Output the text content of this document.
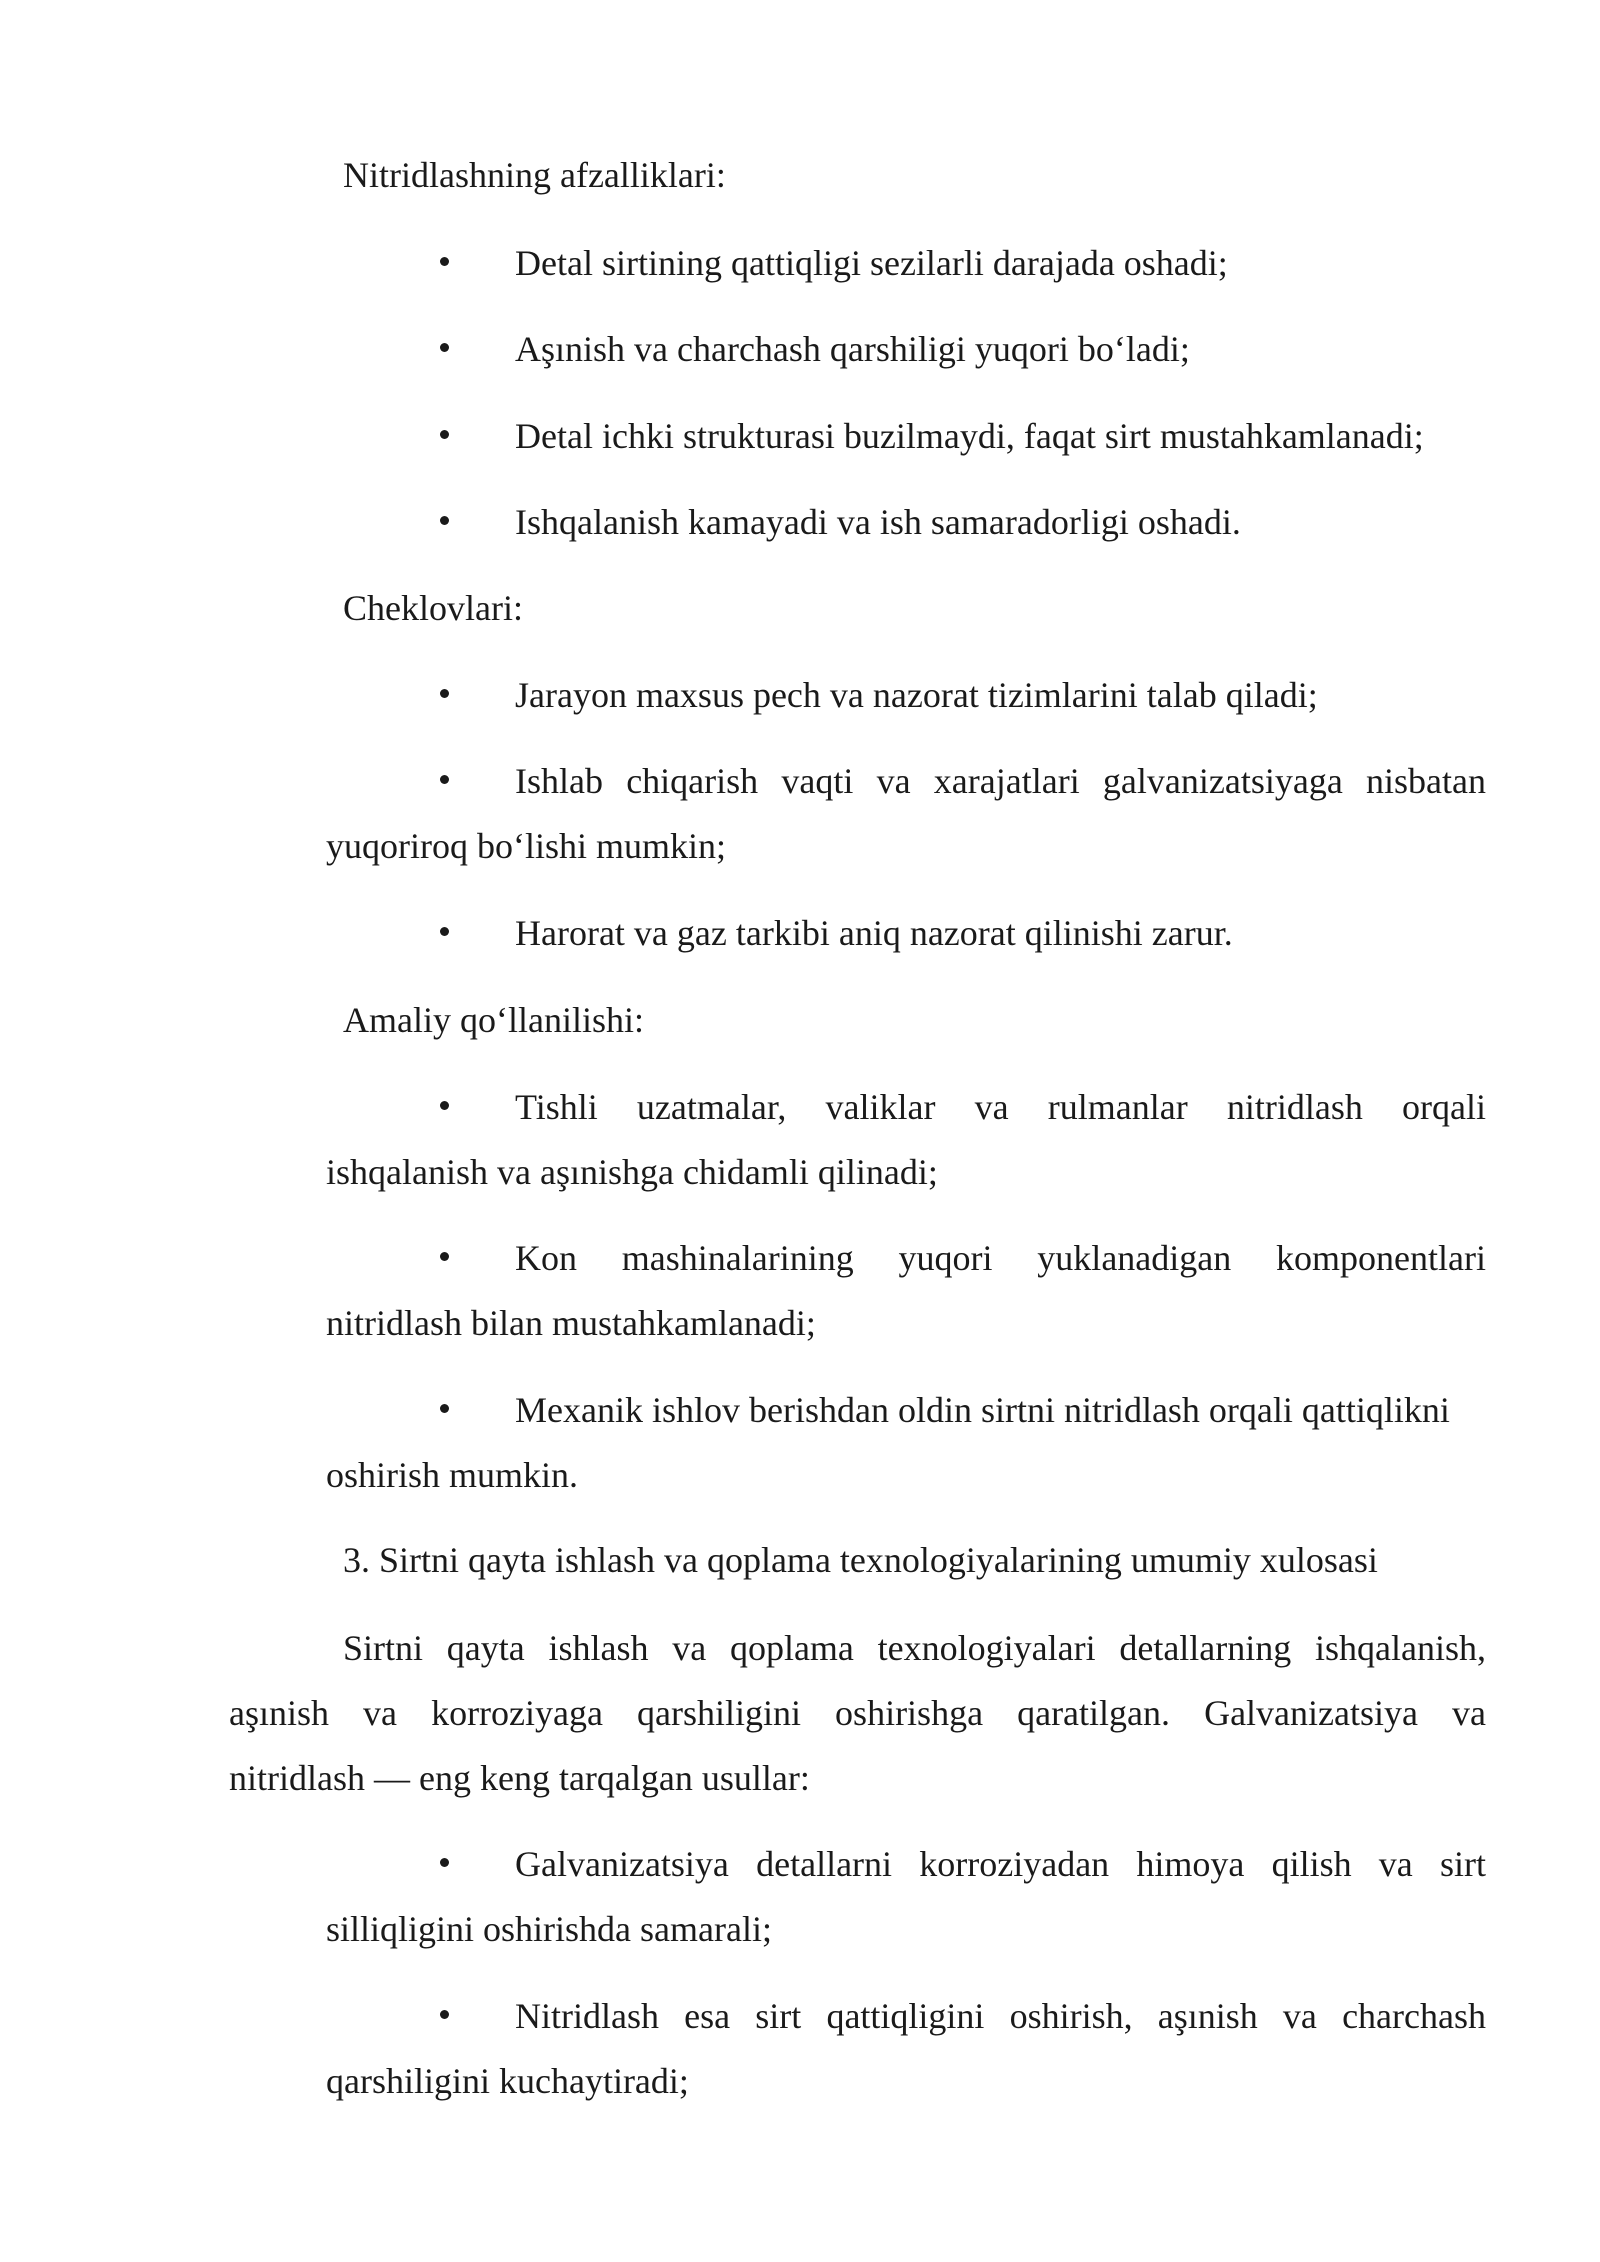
Nitridlashning afzalliklari:
Detal sirtining qattiqligi sezilarli darajada oshadi;
Aşınish va charchash qarshiligi yuqori bo‘ladi;
Detal ichki strukturasi buzilmaydi, faqat sirt mustahkamlanadi;
Ishqalanish kamayadi va ish samaradorligi oshadi.
Cheklovlari:
Jarayon maxsus pech va nazorat tizimlarini talab qiladi;
Ishlab chiqarish vaqti va xarajatlari galvanizatsiyaga nisbatan
yuqoriroq bo‘lishi mumkin;
Harorat va gaz tarkibi aniq nazorat qilinishi zarur.
Amaliy qo‘llanilishi:
Tishli uzatmalar, valiklar va rulmanlar nitridlash orqali
ishqalanish va aşınishga chidamli qilinadi;
Kon mashinalarining yuqori yuklanadigan komponentlari
nitridlash bilan mustahkamlanadi;
Mexanik ishlov berishdan oldin sirtni nitridlash orqali qattiqlikni
oshirish mumkin.
3. Sirtni qayta ishlash va qoplama texnologiyalarining umumiy xulosasi
Sirtni qayta ishlash va qoplama texnologiyalari detallarning ishqalanish,
aşınish va korroziyaga qarshiligini oshirishga qaratilgan. Galvanizatsiya va
nitridlash — eng keng tarqalgan usullar:
Galvanizatsiya detallarni korroziyadan himoya qilish va sirt
silliqligini oshirishda samarali;
Nitridlash esa sirt qattiqligini oshirish, aşınish va charchash
qarshiligini kuchaytiradi;
